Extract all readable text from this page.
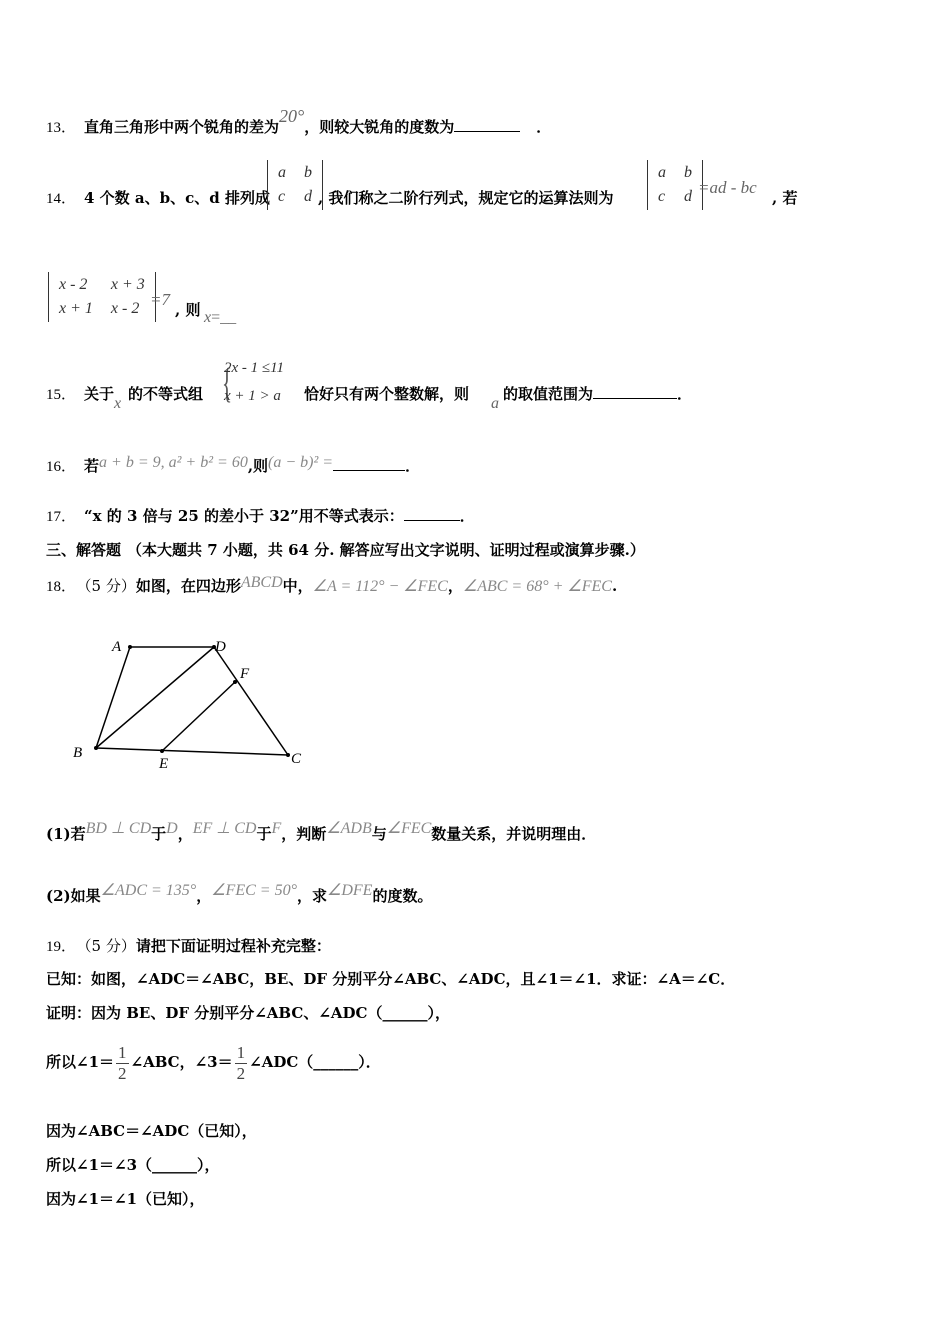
13． 直角三角形中两个锐角的差为20°，则较大锐角的度数为	．
14． 4 个数 a、b、c、d 排列成
a	b
c	d , 我们称之二阶行列式，规定它的运算法则为
a	b
c	d =ad - bc
, 若
x - 2	x + 3
x + 1	x - 2 =7
, 则 x=__
15． 关于
x
的不等式组 {
2x - 1 ≤11
x + 1 > a 恰好只有两个整数解，则
a
的取值范围为	．
16． 若a + b = 9, a² + b² = 60,则(a − b)² =	．
17． “x 的 3 倍与 25 的差小于 32”用不等式表示：	．
三、解答题 （本大题共 7 小题，共 64 分. 解答应写出文字说明、证明过程或演算步骤.）
18． （5 分）如图，在四边形ABCD中，∠A = 112° − ∠FEC，∠ABC = 68° + ∠FEC.
A	D
F
B
E	C
(1)若BD ⊥ CD于D，EF ⊥ CD于F，判断∠ADB与∠FEC数量关系，并说明理由．
(2)如果∠ADC = 135°，∠FEC = 50°，求∠DFE的度数。
19． （5 分）请把下面证明过程补充完整：
已知：如图，∠ADC＝∠ABC，BE、DF 分别平分∠ABC、∠ADC，且∠1＝∠1．求证：∠A＝∠C．
证明：因为 BE、DF 分别平分∠ABC、∠ADC（______），
所以∠1＝ $\frac{1}{2}$ ∠ABC，∠3＝ $\frac{1}{2}$ ∠ADC（______）．
因为∠ABC＝∠ADC（已知），
所以∠1＝∠3（______），
因为∠1＝∠1（已知），
